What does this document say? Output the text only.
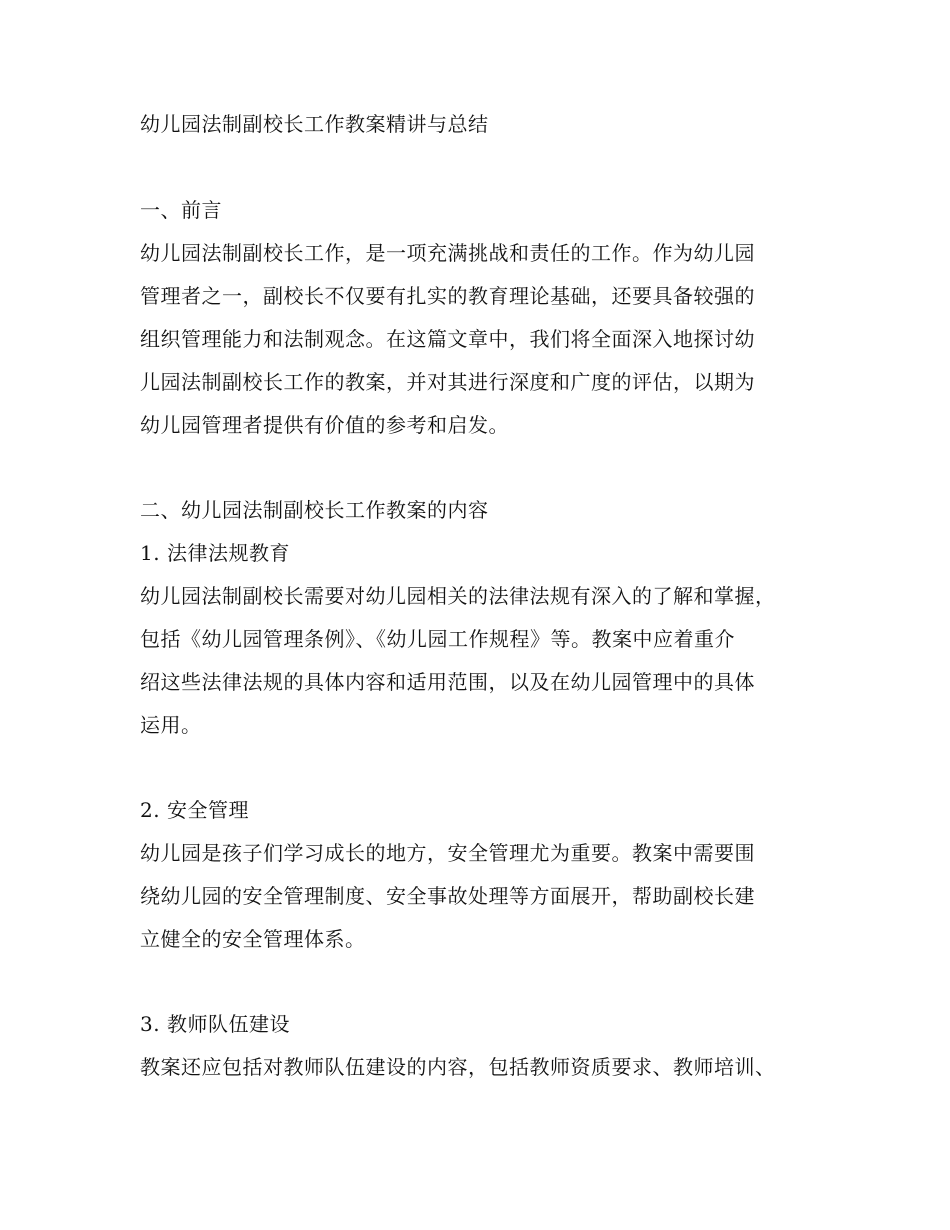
幼儿园法制副校长工作教案精讲与总结
一、前言
幼儿园法制副校长工作，是一项充满挑战和责任的工作。作为幼儿园
管理者之一，副校长不仅要有扎实的教育理论基础，还要具备较强的
组织管理能力和法制观念。在这篇文章中，我们将全面深入地探讨幼
儿园法制副校长工作的教案，并对其进行深度和广度的评估，以期为
幼儿园管理者提供有价值的参考和启发。
二、幼儿园法制副校长工作教案的内容
1. 法律法规教育
幼儿园法制副校长需要对幼儿园相关的法律法规有深入的了解和掌握，
包括《幼儿园管理条例》、《幼儿园工作规程》等。教案中应着重介
绍这些法律法规的具体内容和适用范围，以及在幼儿园管理中的具体
运用。
2. 安全管理
幼儿园是孩子们学习成长的地方，安全管理尤为重要。教案中需要围
绕幼儿园的安全管理制度、安全事故处理等方面展开，帮助副校长建
立健全的安全管理体系。
3. 教师队伍建设
教案还应包括对教师队伍建设的内容，包括教师资质要求、教师培训、
